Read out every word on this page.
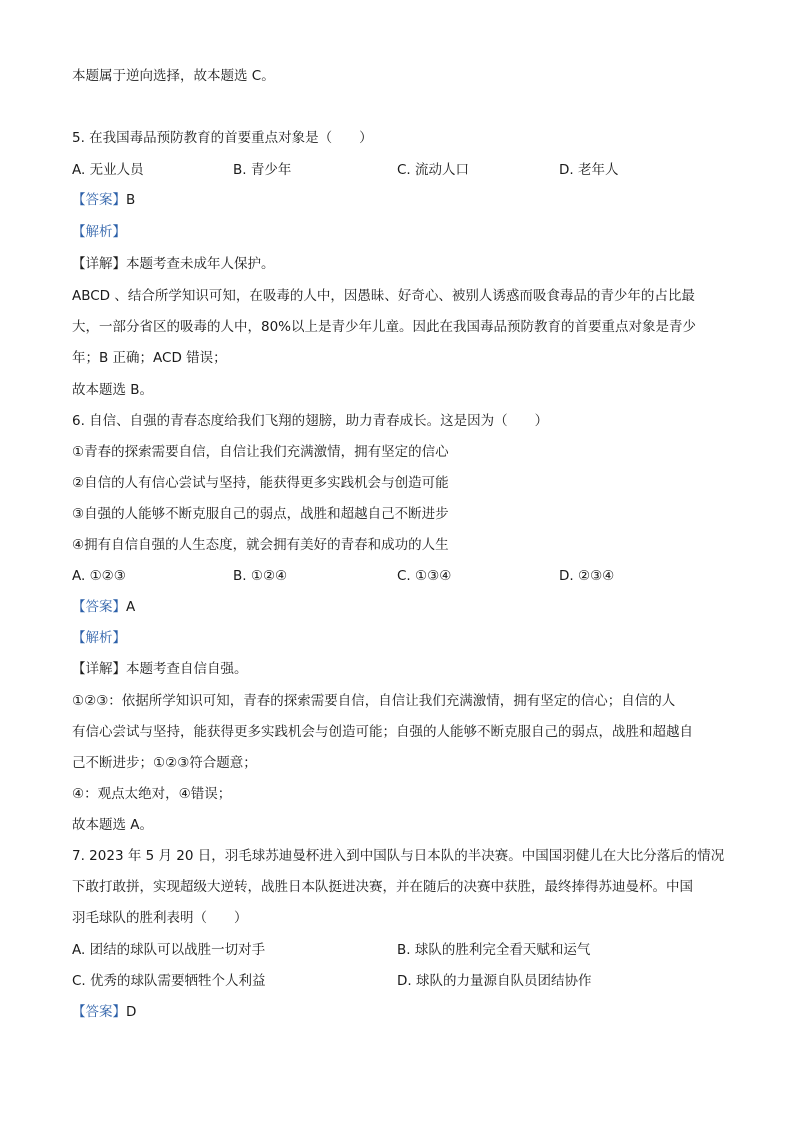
本题属于逆向选择，故本题选 C。
5. 在我国毒品预防教育的首要重点对象是（　　）
A. 无业人员	B. 青少年	C. 流动人口	D. 老年人
【答案】B
【解析】
【详解】本题考查未成年人保护。
ABCD 、结合所学知识可知，在吸毒的人中，因愚昧、好奇心、被别人诱惑而吸食毒品的青少年的占比最
大，一部分省区的吸毒的人中，80%以上是青少年儿童。因此在我国毒品预防教育的首要重点对象是青少
年；B 正确；ACD 错误；
故本题选 B。
6. 自信、自强的青春态度给我们飞翔的翅膀，助力青春成长。这是因为（　　）
①青春的探索需要自信，自信让我们充满激情，拥有坚定的信心
②自信的人有信心尝试与坚持，能获得更多实践机会与创造可能
③自强的人能够不断克服自己的弱点，战胜和超越自己不断进步
④拥有自信自强的人生态度，就会拥有美好的青春和成功的人生
A. ①②③	B. ①②④	C. ①③④	D. ②③④
【答案】A
【解析】
【详解】本题考查自信自强。
①②③：依据所学知识可知，青春的探索需要自信，自信让我们充满激情，拥有坚定的信心；自信的人
有信心尝试与坚持，能获得更多实践机会与创造可能；自强的人能够不断克服自己的弱点，战胜和超越自
己不断进步；①②③符合题意；
④：观点太绝对，④错误；
故本题选 A。
7. 2023 年 5 月 20 日，羽毛球苏迪曼杯进入到中国队与日本队的半决赛。中国国羽健儿在大比分落后的情况
下敢打敢拼，实现超级大逆转，战胜日本队挺进决赛，并在随后的决赛中获胜，最终捧得苏迪曼杯。中国
羽毛球队的胜利表明（　　）
A. 团结的球队可以战胜一切对手	B. 球队的胜利完全看天赋和运气
C. 优秀的球队需要牺牲个人利益	D. 球队的力量源自队员团结协作
【答案】D
